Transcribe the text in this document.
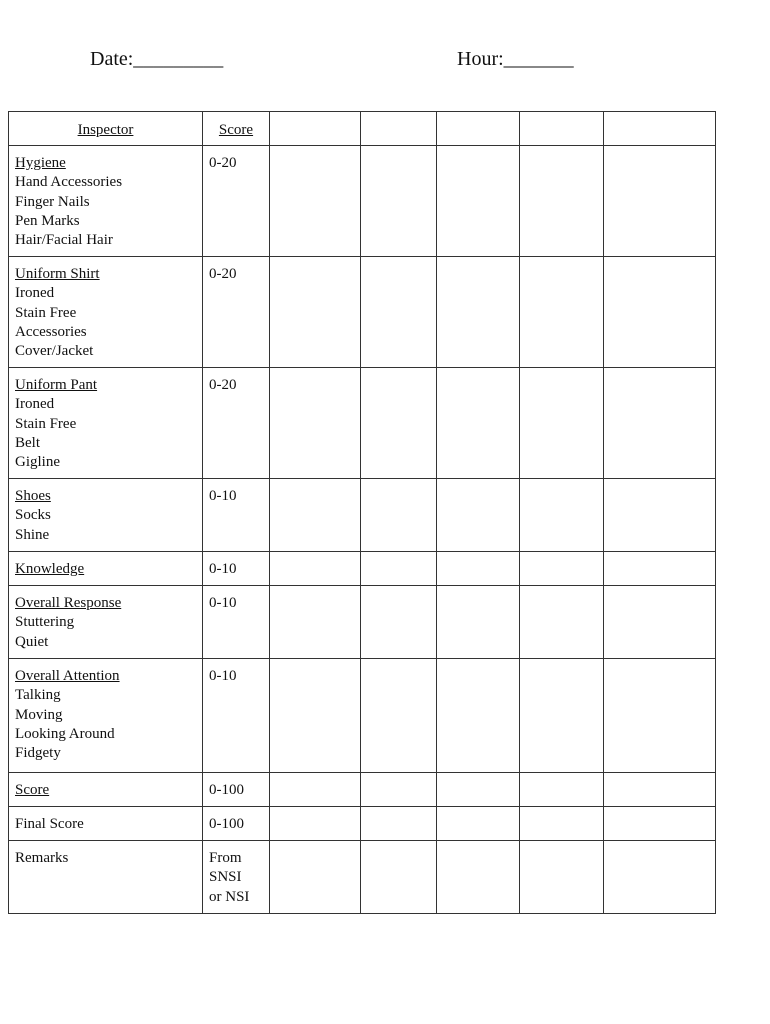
Date:_________	Hour:_______
Inspector	Score					

Hygiene
Hand Accessories
Finger Nails
Pen Marks
Hair/Facial Hair	0-20					

Uniform Shirt
Ironed
Stain Free
Accessories
Cover/Jacket	0-20					

Uniform Pant
Ironed
Stain Free
Belt
Gigline	0-20					

Shoes
Socks
Shine	0-10					

Knowledge	0-10					

Overall Response
Stuttering
Quiet	0-10					

Overall Attention
Talking
Moving
Looking Around
Fidgety	0-10					

Score	0-100					

Final Score	0-100					

Remarks	From
SNSI
or NSI					
